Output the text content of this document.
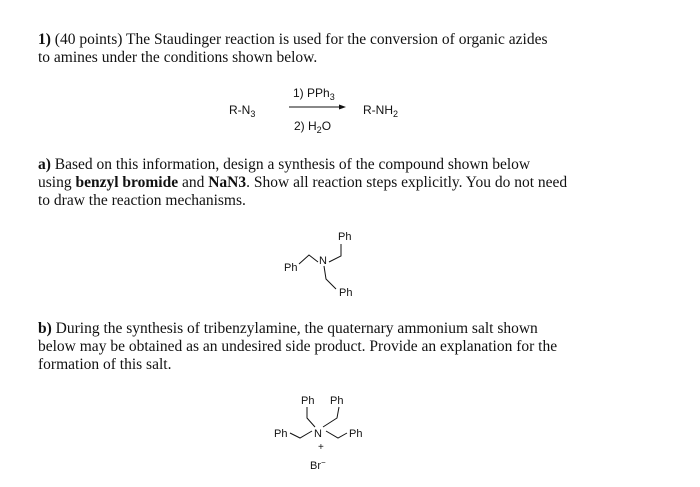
1) (40 points) The Staudinger reaction is used for the conversion of organic azides
to amines under the conditions shown below.
$R-N_3$
1) PPh$_3$
2) $H_2O$
$R-NH_2$
a) Based on this information, design a synthesis of the compound shown below
using benzyl bromide and NaN3. Show all reaction steps explicitly. You do not need
to draw the reaction mechanisms.
Ph
Ph
N
Ph
b) During the synthesis of tribenzylamine, the quaternary ammonium salt shown
below may be obtained as an undesired side product. Provide an explanation for the
formation of this salt.
Ph Ph
Ph N
+
Ph
Br−
